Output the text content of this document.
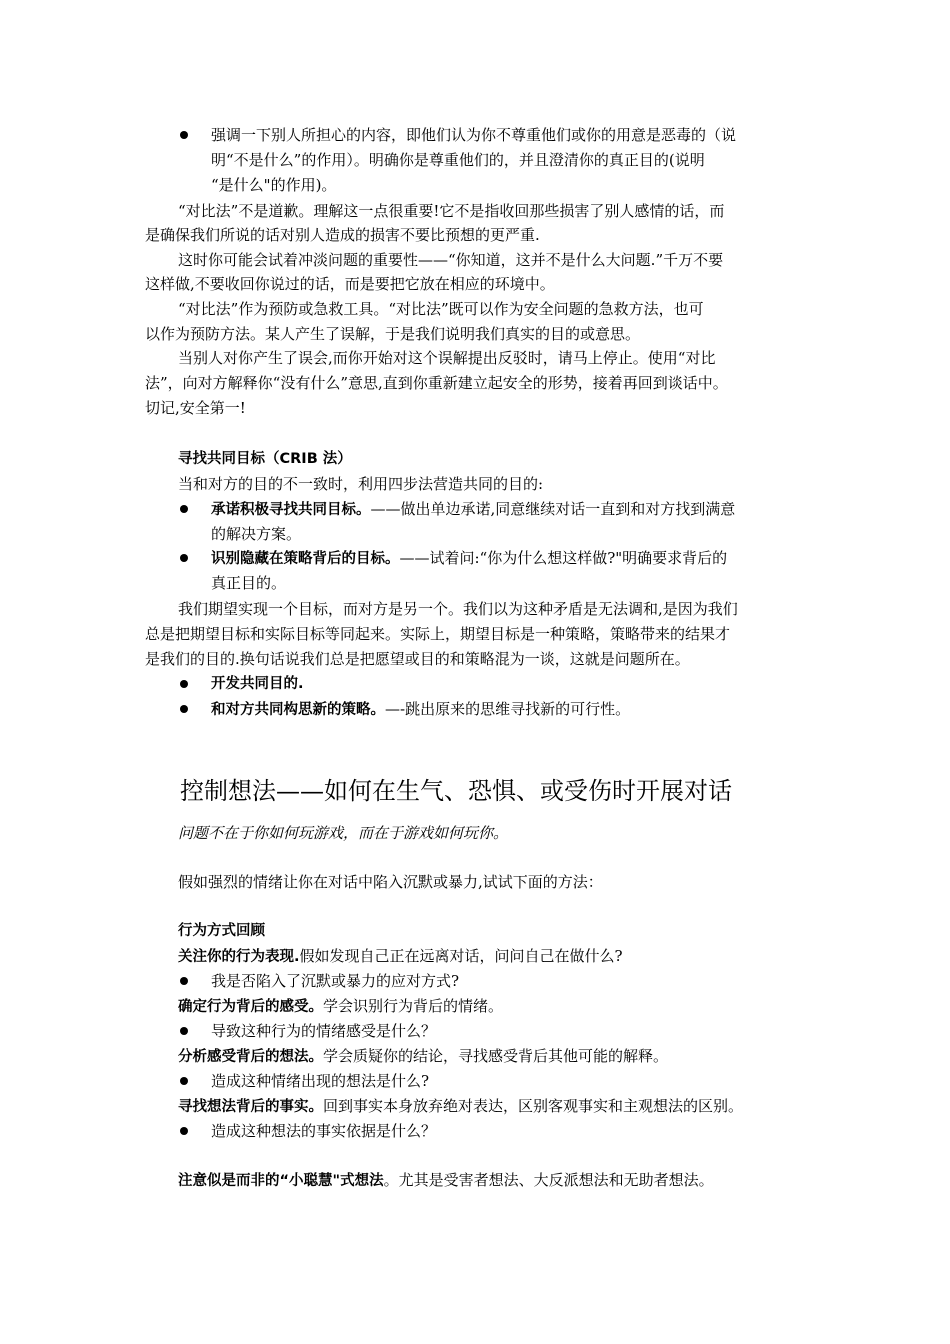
强调一下别人所担心的内容，即他们认为你不尊重他们或你的用意是恶毒的（说
明“不是什么”的作用）。明确你是尊重他们的，并且澄清你的真正目的(说明
“是什么"的作用)。
“对比法”不是道歉。理解这一点很重要!它不是指收回那些损害了别人感情的话，而
是确保我们所说的话对别人造成的损害不要比预想的更严重.
这时你可能会试着冲淡问题的重要性——“你知道，这并不是什么大问题.”千万不要
这样做,不要收回你说过的话，而是要把它放在相应的环境中。
“对比法”作为预防或急救工具。“对比法”既可以作为安全问题的急救方法，也可
以作为预防方法。某人产生了误解，于是我们说明我们真实的目的或意思。
当别人对你产生了误会,而你开始对这个误解提出反驳时，请马上停止。使用“对比
法”，向对方解释你“没有什么”意思,直到你重新建立起安全的形势，接着再回到谈话中。
切记,安全第一!
寻找共同目标（CRIB 法）
当和对方的目的不一致时，利用四步法营造共同的目的:
承诺积极寻找共同目标。——做出单边承诺,同意继续对话一直到和对方找到满意
的解决方案。
识别隐藏在策略背后的目标。——试着问:“你为什么想这样做?"明确要求背后的
真正目的。
我们期望实现一个目标，而对方是另一个。我们以为这种矛盾是无法调和,是因为我们
总是把期望目标和实际目标等同起来。实际上，期望目标是一种策略，策略带来的结果才
是我们的目的.换句话说我们总是把愿望或目的和策略混为一谈，这就是问题所在。
开发共同目的.
和对方共同构思新的策略。—-跳出原来的思维寻找新的可行性。
控制想法——如何在生气、恐惧、或受伤时开展对话
问题不在于你如何玩游戏，而在于游戏如何玩你。
假如强烈的情绪让你在对话中陷入沉默或暴力,试试下面的方法：
行为方式回顾
关注你的行为表现.假如发现自己正在远离对话，问问自己在做什么?
我是否陷入了沉默或暴力的应对方式?
确定行为背后的感受。学会识别行为背后的情绪。
导致这种行为的情绪感受是什么？
分析感受背后的想法。学会质疑你的结论，寻找感受背后其他可能的解释。
造成这种情绪出现的想法是什么?
寻找想法背后的事实。回到事实本身放弃绝对表达，区别客观事实和主观想法的区别。
造成这种想法的事实依据是什么？
注意似是而非的“小聪慧"式想法。尤其是受害者想法、大反派想法和无助者想法。
